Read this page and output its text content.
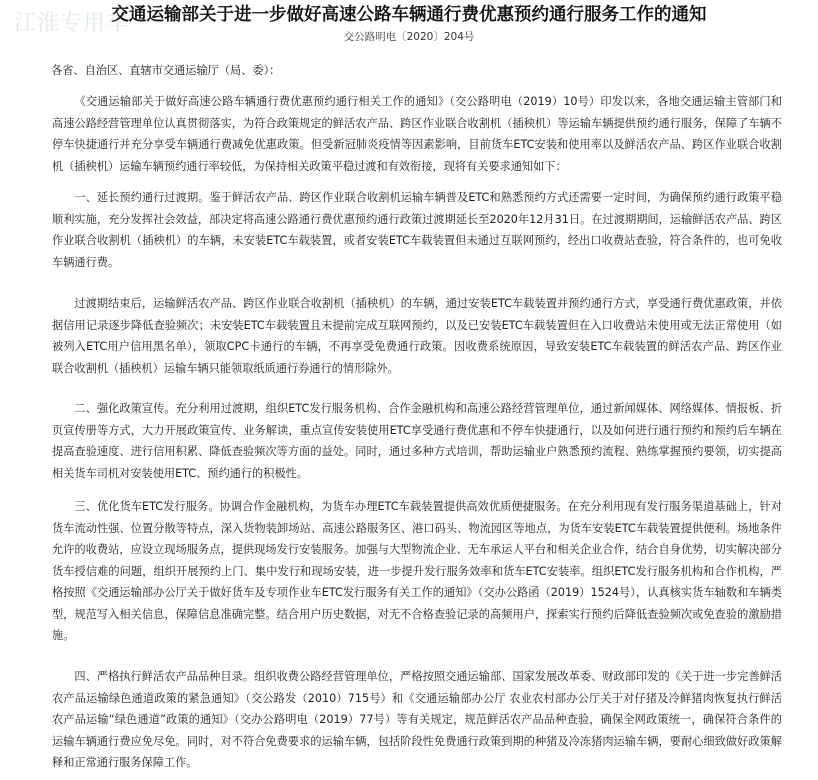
江淮专用车
交通运输部关于进一步做好高速公路车辆通行费优惠预约通行服务工作的通知
交公路明电〔2020〕204号
各省、自治区、直辖市交通运输厅（局、委）：

《交通运输部关于做好高速公路车辆通行费优惠预约通行相关工作的通知》（交公路明电（2019）10号）印发以来，各地交通运输主管部门和高速公路经营管理单位认真贯彻落实，为符合政策规定的鲜活农产品、跨区作业联合收割机（插秧机）等运输车辆提供预约通行服务，保障了车辆不停车快捷通行并充分享受车辆通行费减免优惠政策。但受新冠肺炎疫情等因素影响，目前货车ETC安装和使用率以及鲜活农产品、跨区作业联合收割机（插秧机）运输车辆预约通行率较低，为保持相关政策平稳过渡和有效衔接，现将有关要求通知如下：

一、延长预约通行过渡期。鉴于鲜活农产品、跨区作业联合收割机运输车辆普及ETC和熟悉预约方式还需要一定时间，为确保预约通行政策平稳顺利实施，充分发挥社会效益，部决定将高速公路通行费优惠预约通行政策过渡期延长至2020年12月31日。在过渡期期间，运输鲜活农产品、跨区作业联合收割机（插秧机）的车辆，未安装ETC车载装置，或者安装ETC车载装置但未通过互联网预约，经出口收费站查验，符合条件的，也可免收车辆通行费。

过渡期结束后，运输鲜活农产品、跨区作业联合收割机（插秧机）的车辆，通过安装ETC车载装置并预约通行方式，享受通行费优惠政策，并依据信用记录逐步降低查验频次；未安装ETC车载装置且未提前完成互联网预约，以及已安装ETC车载装置但在入口收费站未使用或无法正常使用（如被列入ETC用户信用黑名单），领取CPC卡通行的车辆，不再享受免费通行政策。因收费系统原因，导致安装ETC车载装置的鲜活农产品、跨区作业联合收割机（插秧机）运输车辆只能领取纸质通行券通行的情形除外。

二、强化政策宣传。充分利用过渡期，组织ETC发行服务机构、合作金融机构和高速公路经营管理单位，通过新闻媒体、网络媒体、情报板、折页宣传册等方式，大力开展政策宣传、业务解读，重点宣传安装使用ETC享受通行费优惠和不停车快捷通行，以及如何进行通行预约和预约后车辆在提高查验速度、进行信用积累、降低查验频次等方面的益处。同时，通过多种方式培训，帮助运输业户熟悉预约流程、熟练掌握预约要领，切实提高相关货车司机对安装使用ETC、预约通行的积极性。

三、优化货车ETC发行服务。协调合作金融机构，为货车办理ETC车载装置提供高效优质便捷服务。在充分利用现有发行服务渠道基础上，针对货车流动性强、位置分散等特点，深入货物装卸场站、高速公路服务区、港口码头、物流园区等地点，为货车安装ETC车载装置提供便利。场地条件允许的收费站，应设立现场服务点，提供现场发行安装服务。加强与大型物流企业、无车承运人平台和相关企业合作，结合自身优势，切实解决部分货车授信难的问题，组织开展预约上门、集中发行和现场安装，进一步提升发行服务效率和货车ETC安装率。组织ETC发行服务机构和合作机构，严格按照《交通运输部办公厅关于做好货车及专项作业车ETC发行服务有关工作的通知》（交办公路函（2019）1524号），认真核实货车轴数和车辆类型，规范写入相关信息，保障信息准确完整。结合用户历史数据，对无不合格查验记录的高频用户，探索实行预约后降低查验频次或免查验的激励措施。

四、严格执行鲜活农产品品种目录。组织收费公路经营管理单位，严格按照交通运输部、国家发展改革委、财政部印发的《关于进一步完善鲜活农产品运输绿色通道政策的紧急通知》（交公路发（2010）715号）和《交通运输部办公厅 农业农村部办公厅关于对仔猪及冷鲜猪肉恢复执行鲜活农产品运输“绿色通道”政策的通知》（交办公路明电（2019）77号）等有关规定，规范鲜活农产品品种查验，确保全网政策统一，确保符合条件的运输车辆通行费应免尽免。同时，对不符合免费要求的运输车辆，包括阶段性免费通行政策到期的种猪及冷冻猪肉运输车辆，要耐心细致做好政策解释和正常通行服务保障工作。
